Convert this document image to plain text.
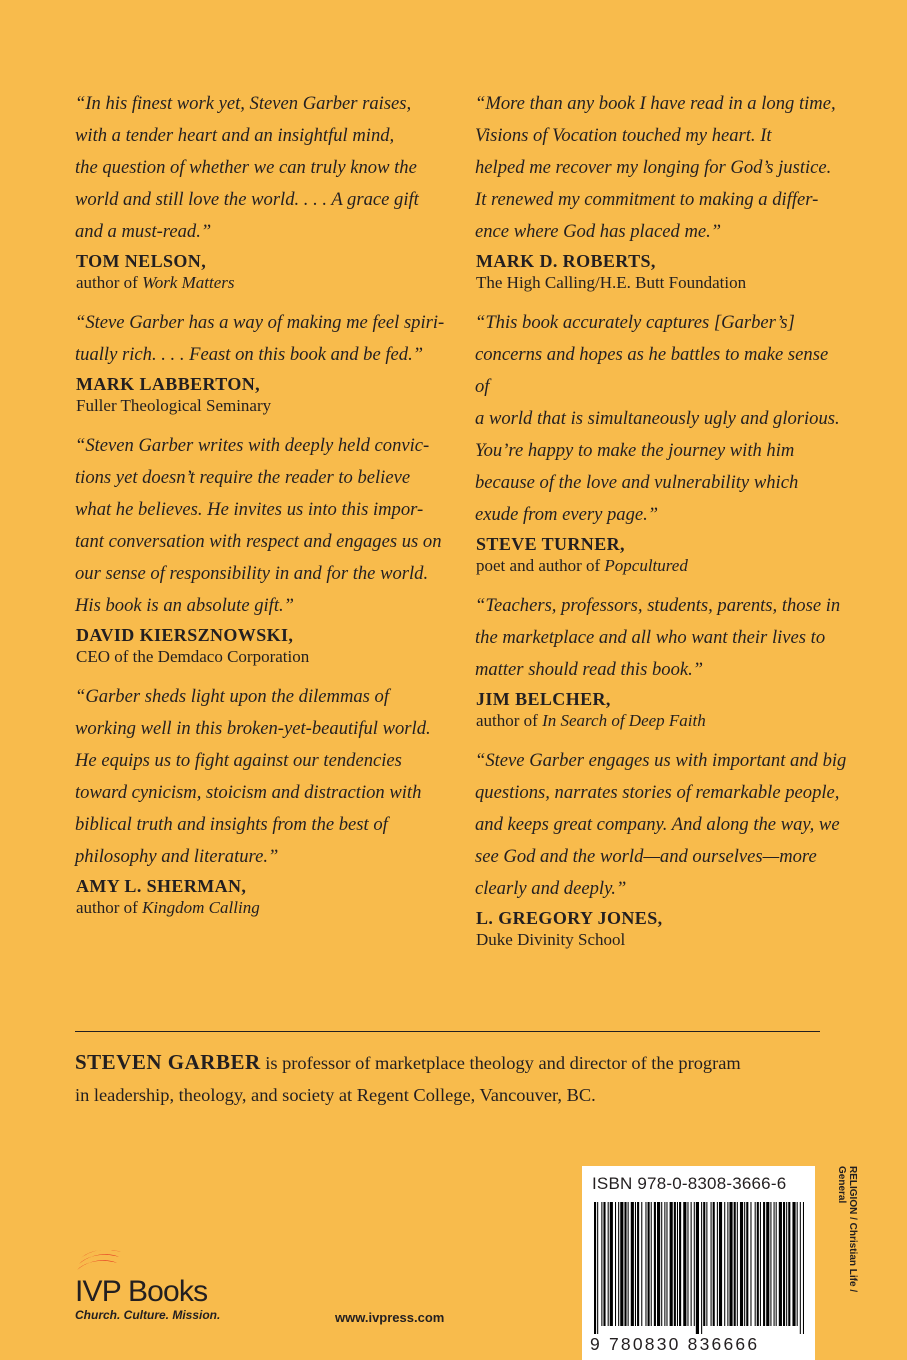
“In his finest work yet, Steven Garber raises,
with a tender heart and an insightful mind,
the question of whether we can truly know the
world and still love the world. . . . A grace gift
and a must-read.”

TOM NELSON,
author of Work Matters

“Steve Garber has a way of making me feel spiri-
tually rich. . . . Feast on this book and be fed.”

MARK LABBERTON,
Fuller Theological Seminary

“Steven Garber writes with deeply held convic-
tions yet doesn’t require the reader to believe
what he believes. He invites us into this impor-
tant conversation with respect and engages us on
our sense of responsibility in and for the world.
His book is an absolute gift.”

DAVID KIERSZNOWSKI,
CEO of the Demdaco Corporation

“Garber sheds light upon the dilemmas of
working well in this broken-yet-beautiful world.
He equips us to fight against our tendencies
toward cynicism, stoicism and distraction with
biblical truth and insights from the best of
philosophy and literature.”

AMY L. SHERMAN,
author of Kingdom Calling

“More than any book I have read in a long time,
Visions of Vocation touched my heart. It
helped me recover my longing for God’s justice.
It renewed my commitment to making a differ-
ence where God has placed me.”

MARK D. ROBERTS,
The High Calling/H.E. Butt Foundation

“This book accurately captures [Garber’s]
concerns and hopes as he battles to make sense of
a world that is simultaneously ugly and glorious.
You’re happy to make the journey with him
because of the love and vulnerability which
exude from every page.”

STEVE TURNER,
poet and author of Popcultured

“Teachers, professors, students, parents, those in
the marketplace and all who want their lives to
matter should read this book.”

JIM BELCHER,
author of In Search of Deep Faith

“Steve Garber engages us with important and big
questions, narrates stories of remarkable people,
and keeps great company. And along the way, we
see God and the world—and ourselves—more
clearly and deeply.”

L. GREGORY JONES,
Duke Divinity School
STEVEN GARBER is professor of marketplace theology and director of the program
in leadership, theology, and society at Regent College, Vancouver, BC.
IVP Books
Church. Culture. Mission.	www.ivpress.com
ISBN 978-0-8308-3666-6
9 780830 836666
RELIGION / Christian Life /
General
